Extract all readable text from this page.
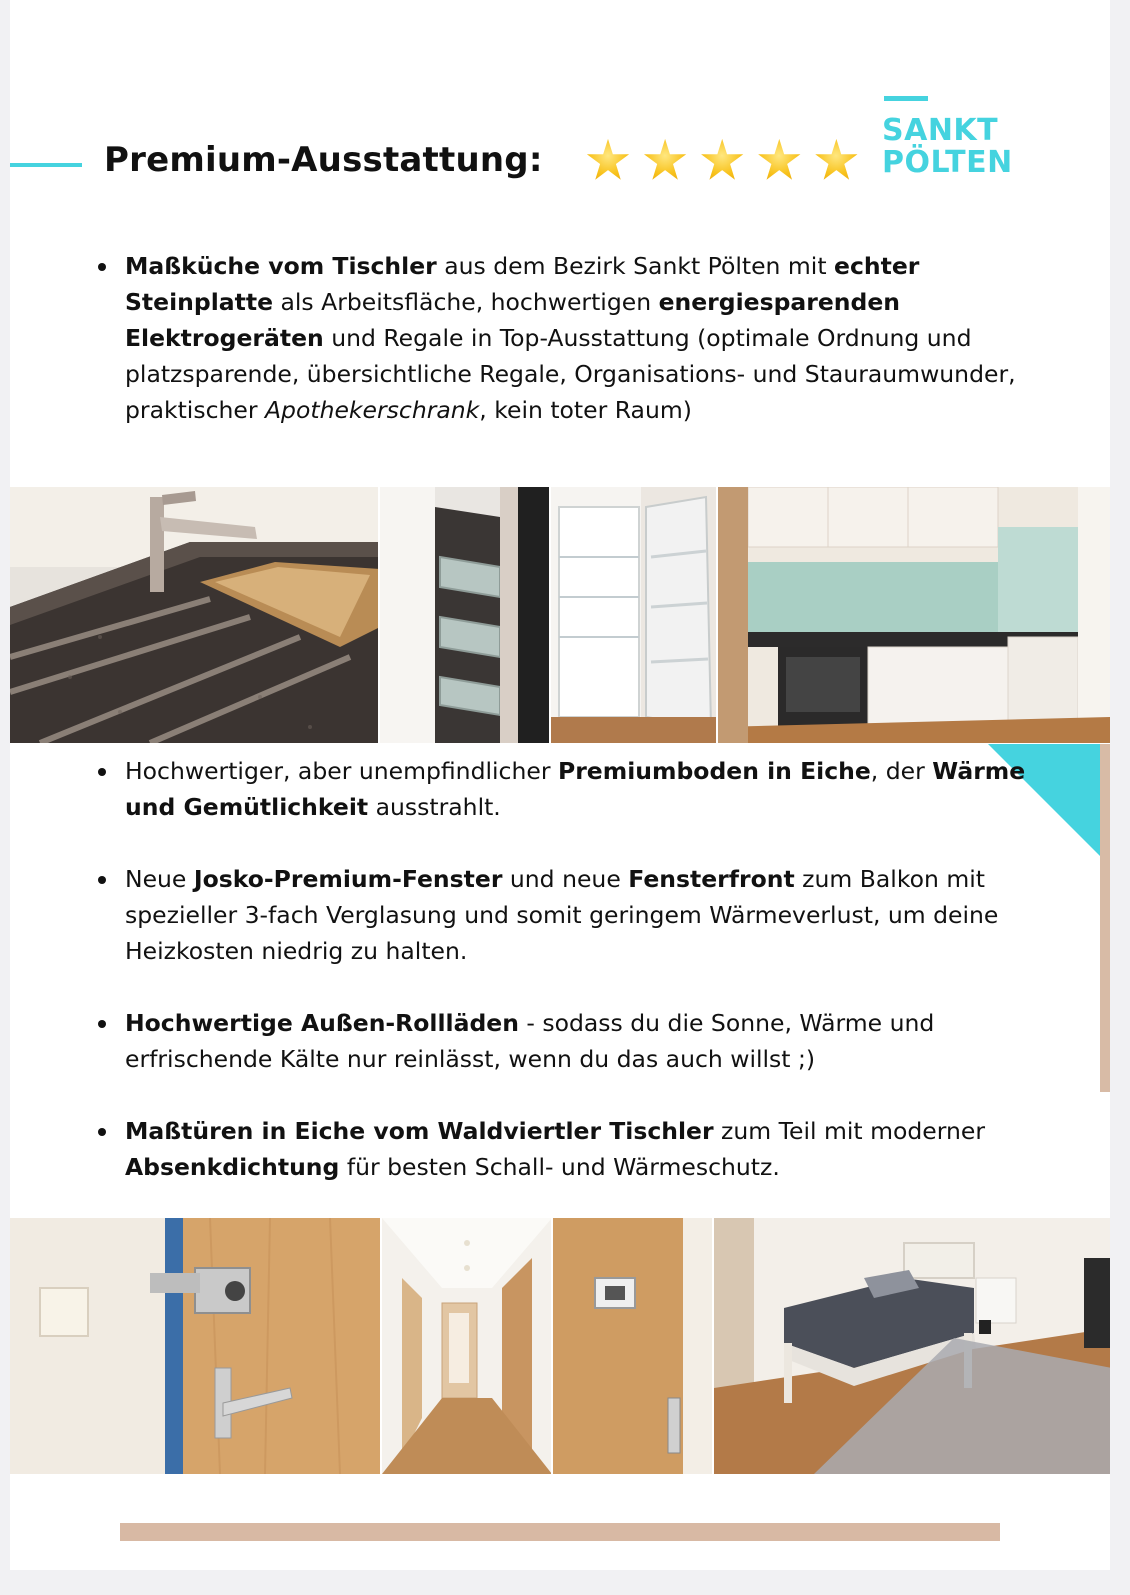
Premium-Ausstattung:

SANKT
PÖLTEN
Maßküche vom Tischler aus dem Bezirk Sankt Pölten mit echter Steinplatte als Arbeitsfläche, hochwertigen energiesparenden Elektrogeräten und Regale in Top-Ausstattung (optimale Ordnung und platzsparende, übersichtliche Regale, Organisations- und Stauraumwunder, praktischer Apothekerschrank, kein toter Raum)
Hochwertiger, aber unempfindlicher Premiumboden in Eiche, der Wärme und Gemütlichkeit ausstrahlt.
Neue Josko-Premium-Fenster und neue Fensterfront zum Balkon mit spezieller 3-fach Verglasung und somit geringem Wärmeverlust, um deine Heizkosten niedrig zu halten.
Hochwertige Außen-Rollläden - sodass du die Sonne, Wärme und erfrischende Kälte nur reinlässt, wenn du das auch willst ;)
Maßtüren in Eiche vom Waldviertler Tischler zum Teil mit moderner Absenkdichtung für besten Schall- und Wärmeschutz.
